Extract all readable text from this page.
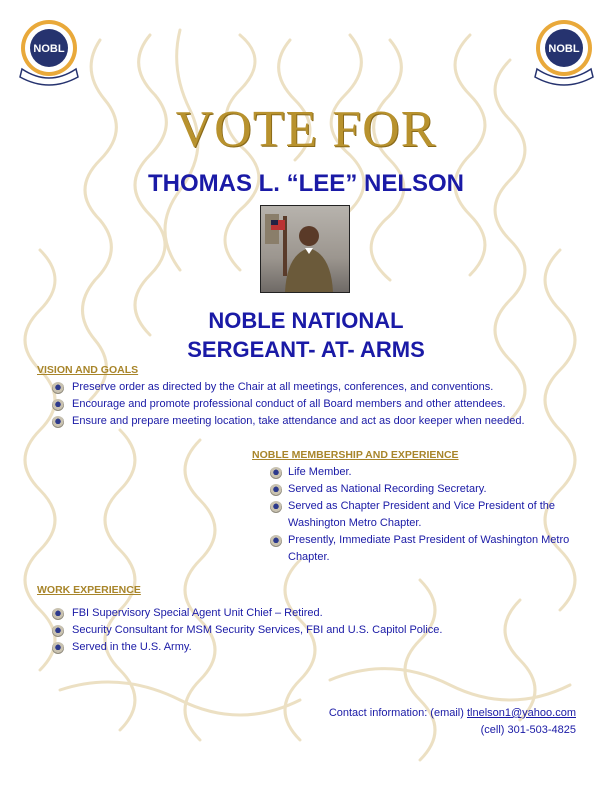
NOBL	NOBL
VOTE FOR
THOMAS L. “LEE” NELSON
NOBLE NATIONAL
SERGEANT- AT- ARMS
VISION AND GOALS
Preserve order as directed by the Chair at all meetings, conferences, and conventions.
Encourage and promote professional conduct of all Board members and other attendees.
Ensure and prepare meeting location, take attendance and act as door keeper when needed.
NOBLE MEMBERSHIP AND EXPERIENCE
Life Member.
Served as National Recording Secretary.
Served as Chapter President and Vice President of the Washington Metro Chapter.
Presently, Immediate Past President of Washington Metro Chapter.
WORK EXPERIENCE
FBI Supervisory Special Agent Unit Chief – Retired.
Security Consultant for MSM Security Services, FBI and U.S. Capitol Police.
Served in the U.S. Army.
Contact information: (email) tlnelson1@yahoo.com
(cell) 301-503-4825
